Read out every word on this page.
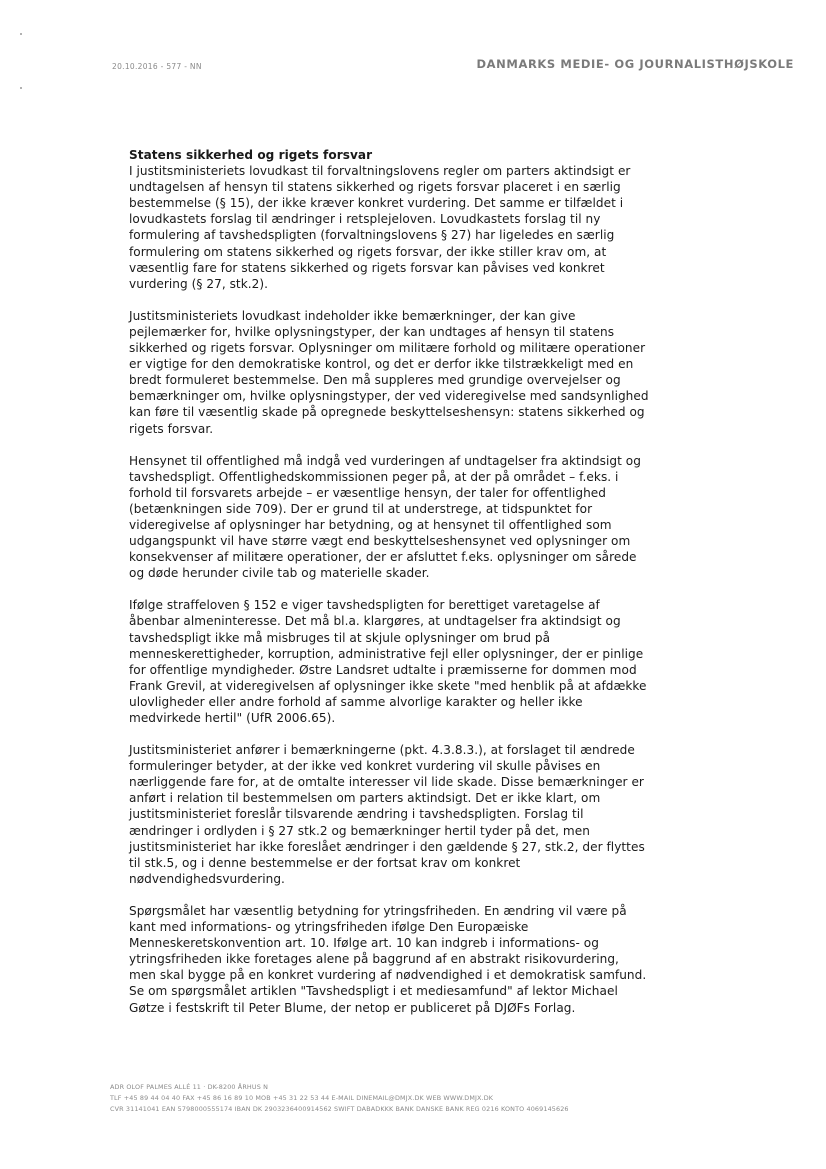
20.10.2016 - 577 - NN	DANMARKS MEDIE- OG JOURNALISTHØJSKOLE

Statens sikkerhed og rigets forsvar

I justitsministeriets lovudkast til forvaltningslovens regler om parters aktindsigt er undtagelsen af hensyn til statens sikkerhed og rigets forsvar placeret i en særlig bestemmelse (§ 15), der ikke kræver konkret vurdering. Det samme er tilfældet i lovudkastets forslag til ændringer i retsplejeloven. Lovudkastets forslag til ny formulering af tavshedspligten (forvaltningslovens § 27) har ligeledes en særlig formulering om statens sikkerhed og rigets forsvar, der ikke stiller krav om, at væsentlig fare for statens sikkerhed og rigets forsvar kan påvises ved konkret vurdering (§ 27, stk.2).

Justitsministeriets lovudkast indeholder ikke bemærkninger, der kan give pejlemærker for, hvilke oplysningstyper, der kan undtages af hensyn til statens sikkerhed og rigets forsvar. Oplysninger om militære forhold og militære operationer er vigtige for den demokratiske kontrol, og det er derfor ikke tilstrækkeligt med en bredt formuleret bestemmelse. Den må suppleres med grundige overvejelser og bemærkninger om, hvilke oplysningstyper, der ved videregivelse med sandsynlighed kan føre til væsentlig skade på opregnede beskyttelseshensyn: statens sikkerhed og rigets forsvar.

Hensynet til offentlighed må indgå ved vurderingen af undtagelser fra aktindsigt og tavshedspligt. Offentlighedskommissionen peger på, at der på området – f.eks. i forhold til forsvarets arbejde – er væsentlige hensyn, der taler for offentlighed (betænkningen side 709). Der er grund til at understrege, at tidspunktet for videregivelse af oplysninger har betydning, og at hensynet til offentlighed som udgangspunkt vil have større vægt end beskyttelseshensynet ved oplysninger om konsekvenser af militære operationer, der er afsluttet f.eks. oplysninger om sårede og døde herunder civile tab og materielle skader.

Ifølge straffeloven § 152 e viger tavshedspligten for berettiget varetagelse af åbenbar almeninteresse. Det må bl.a. klargøres, at undtagelser fra aktindsigt og tavshedspligt ikke må misbruges til at skjule oplysninger om brud på menneskerettigheder, korruption, administrative fejl eller oplysninger, der er pinlige for offentlige myndigheder. Østre Landsret udtalte i præmisserne for dommen mod Frank Grevil, at videregivelsen af oplysninger ikke skete "med henblik på at afdække ulovligheder eller andre forhold af samme alvorlige karakter og heller ikke medvirkede hertil" (UfR 2006.65).

Justitsministeriet anfører i bemærkningerne (pkt. 4.3.8.3.), at forslaget til ændrede formuleringer betyder, at der ikke ved konkret vurdering vil skulle påvises en nærliggende fare for, at de omtalte interesser vil lide skade. Disse bemærkninger er anført i relation til bestemmelsen om parters aktindsigt. Det er ikke klart, om justitsministeriet foreslår tilsvarende ændring i tavshedspligten. Forslag til ændringer i ordlyden i § 27 stk.2 og bemærkninger hertil tyder på det, men justitsministeriet har ikke foreslået ændringer i den gældende § 27, stk.2, der flyttes til stk.5, og i denne bestemmelse er der fortsat krav om konkret nødvendighedsvurdering.

Spørgsmålet har væsentlig betydning for ytringsfriheden. En ændring vil være på kant med informations- og ytringsfriheden ifølge Den Europæiske Menneskeretskonvention art. 10. Ifølge art. 10 kan indgreb i informations- og ytringsfriheden ikke foretages alene på baggrund af en abstrakt risikovurdering, men skal bygge på en konkret vurdering af nødvendighed i et demokratisk samfund. Se om spørgsmålet artiklen "Tavshedspligt i et mediesamfund" af lektor Michael Gøtze i festskrift til Peter Blume, der netop er publiceret på DJØFs Forlag.

ADR OLOF PALMES ALLÉ 11 · DK-8200 ÅRHUS N
TLF +45 89 44 04 40 FAX +45 86 16 89 10 MOB +45 31 22 53 44 E-MAIL DINEMAIL@DMJX.DK WEB WWW.DMJX.DK
CVR 31141041 EAN 5798000555174 IBAN DK 2903236400914562 SWIFT DABADKKK BANK DANSKE BANK REG 0216 KONTO 4069145626
